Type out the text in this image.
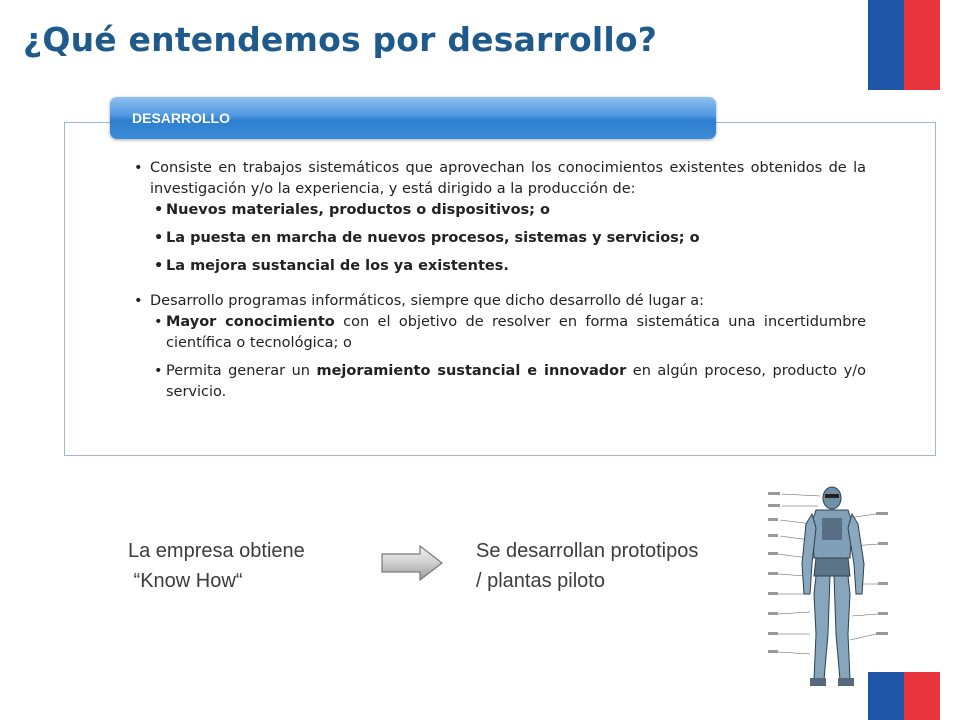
¿Qué entendemos por desarrollo?
DESARROLLO
• Consiste en trabajos sistemáticos que aprovechan los conocimientos existentes obtenidos de la investigación y/o la experiencia, y está dirigido a la producción de:
• Nuevos materiales, productos o dispositivos; o
• La puesta en marcha de nuevos procesos, sistemas y servicios; o
• La mejora sustancial de los ya existentes.
• Desarrollo programas informáticos, siempre que dicho desarrollo dé lugar a:
• Mayor conocimiento con el objetivo de resolver en forma sistemática una incertidumbre científica o tecnológica; o
• Permita generar un mejoramiento sustancial e innovador en algún proceso, producto y/o servicio.
La empresa obtiene
“Know How“
Se desarrollan prototipos
/ plantas piloto
